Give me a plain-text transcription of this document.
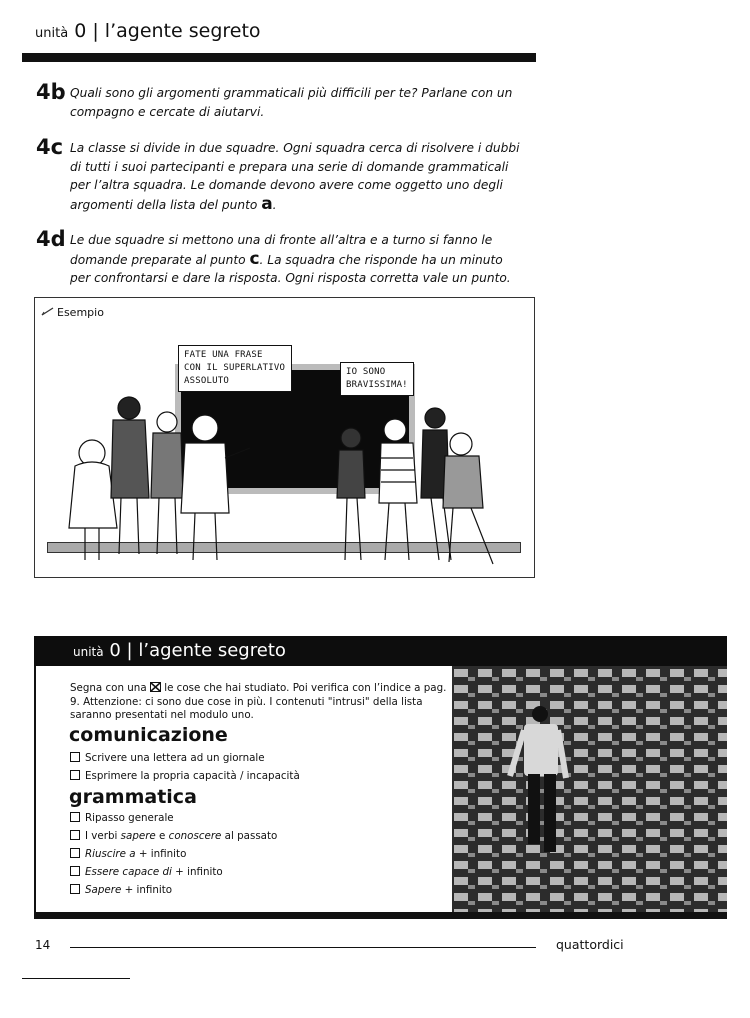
unità 0 | l’agente segreto
4b Quali sono gli argomenti grammaticali più difficili per te? Parlane con un compagno e cercate di aiutarvi.
4c La classe si divide in due squadre. Ogni squadra cerca di risolvere i dubbi di tutti i suoi partecipanti e prepara una serie di domande grammaticali per l’altra squadra. Le domande devono avere come oggetto uno degli argomenti della lista del punto a.
4d Le due squadre si mettono una di fronte all’altra e a turno si fanno le domande preparate al punto c. La squadra che risponde ha un minuto per confrontarsi e dare la risposta. Ogni risposta corretta vale un punto.
Esempio
FATE UNA FRASE
CON IL SUPERLATIVO
ASSOLUTO
IO SONO
BRAVISSIMA!
unità 0 | l’agente segreto
Segna con una ☒ le cose che hai studiato. Poi verifica con l’indice a pag. 9. Attenzione: ci sono due cose in più. I contenuti "intrusi" della lista saranno presentati nel modulo uno.
comunicazione
Scrivere una lettera ad un giornale
Esprimere la propria capacità / incapacità
grammatica
Ripasso generale
I verbi sapere e conoscere al passato
Riuscire a + infinito
Essere capace di + infinito
Sapere + infinito
14	quattordici
